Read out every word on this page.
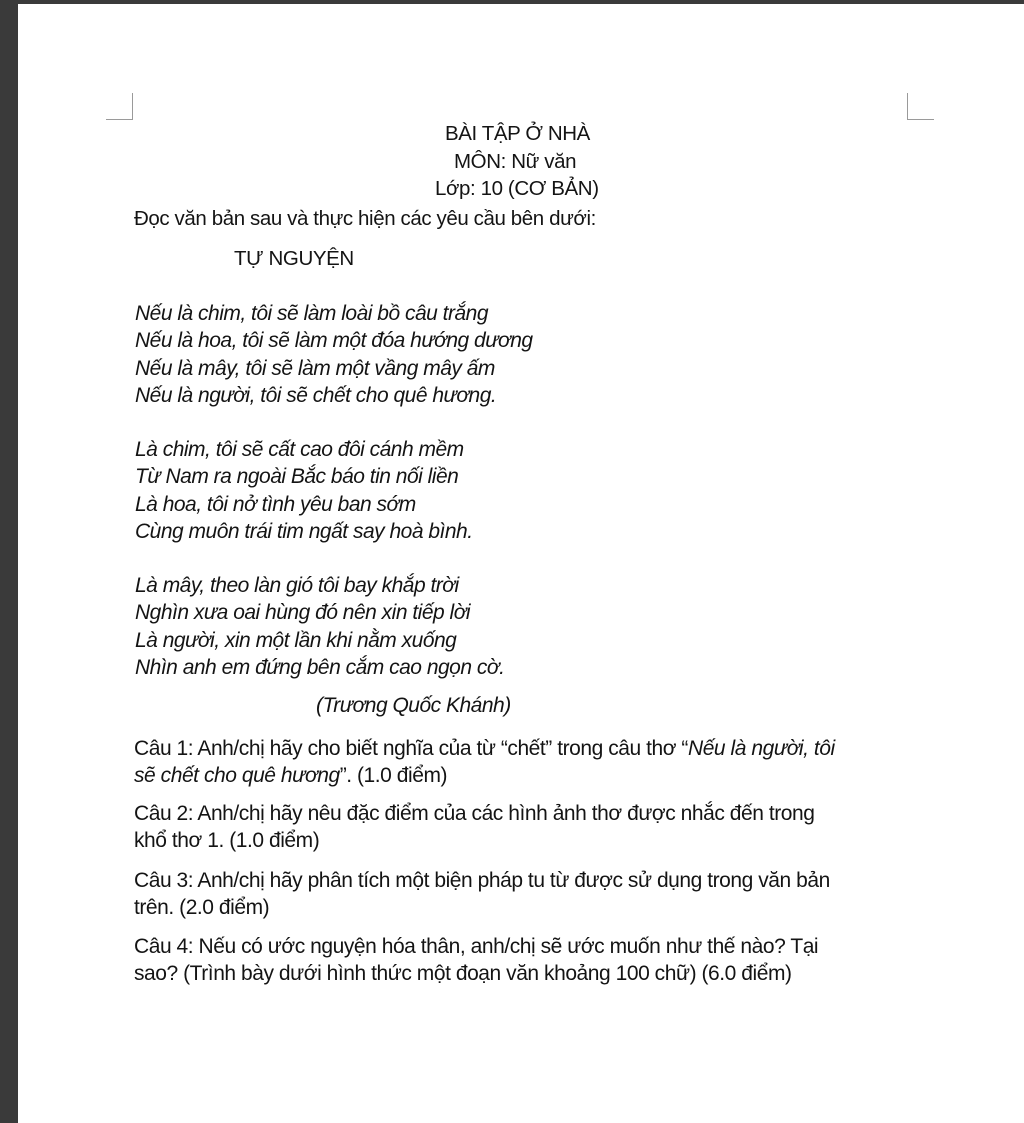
BÀI TẬP Ở NHÀ
MÔN: Nữ văn
Lớp: 10 (CƠ BẢN)
Đọc văn bản sau và thực hiện các yêu cầu bên dưới:
TỰ NGUYỆN
Nếu là chim, tôi sẽ làm loài bồ câu trắng
Nếu là hoa, tôi sẽ làm một đóa hướng dương
Nếu là mây, tôi sẽ làm một vầng mây ấm
Nếu là người, tôi sẽ chết cho quê hương.
Là chim, tôi sẽ cất cao đôi cánh mềm
Từ Nam ra ngoài Bắc báo tin nối liền
Là hoa, tôi nở tình yêu ban sớm
Cùng muôn trái tim ngất say hoà bình.
Là mây, theo làn gió tôi bay khắp trời
Nghìn xưa oai hùng đó nên xin tiếp lời
Là người, xin một lần khi nằm xuống
Nhìn anh em đứng bên cắm cao ngọn cờ.
(Trương Quốc Khánh)
Câu 1: Anh/chị hãy cho biết nghĩa của từ “chết” trong câu thơ “Nếu là người, tôi
sẽ chết cho quê hương”. (1.0 điểm)
Câu 2: Anh/chị hãy nêu đặc điểm của các hình ảnh thơ được nhắc đến trong
khổ thơ 1. (1.0 điểm)
Câu 3: Anh/chị hãy phân tích một biện pháp tu từ được sử dụng trong văn bản
trên. (2.0 điểm)
Câu 4: Nếu có ước nguyện hóa thân, anh/chị sẽ ước muốn như thế nào? Tại
sao? (Trình bày dưới hình thức một đoạn văn khoảng 100 chữ) (6.0 điểm)
